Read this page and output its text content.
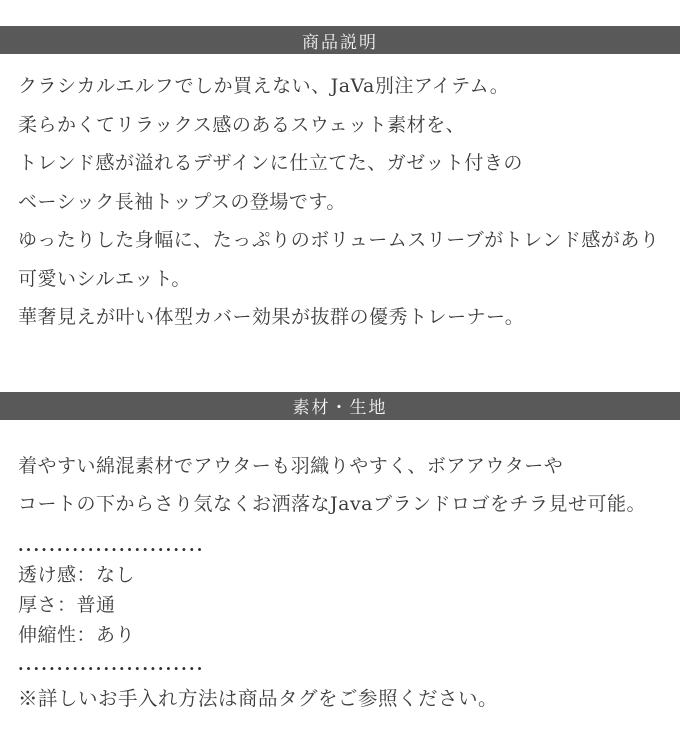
商品説明
クラシカルエルフでしか買えない、JaVa別注アイテム。
柔らかくてリラックス感のあるスウェット素材を、
トレンド感が溢れるデザインに仕立てた、ガゼット付きの
ベーシック長袖トップスの登場です。
ゆったりした身幅に、たっぷりのボリュームスリーブがトレンド感があり
可愛いシルエット。
華奢見えが叶い体型カバー効果が抜群の優秀トレーナー。
素材・生地
着やすい綿混素材でアウターも羽織りやすく、ボアアウターや
コートの下からさり気なくお洒落なJavaブランドロゴをチラ見せ可能。
........................
透け感：なし
厚さ：普通
伸縮性：あり
........................
※詳しいお手入れ方法は商品タグをご参照ください。
